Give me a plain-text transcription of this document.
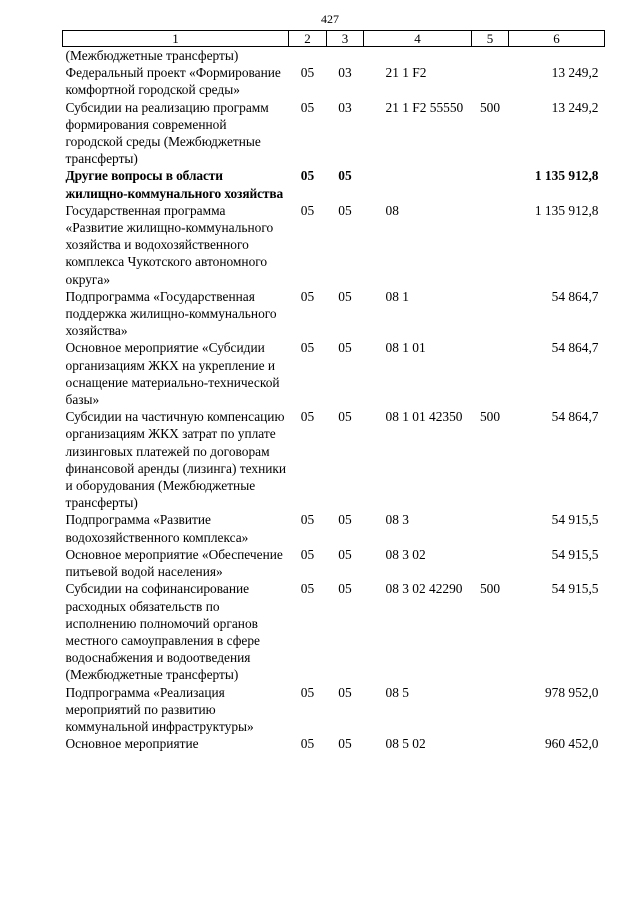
427
1	2	3	4	5	6
(Межбюджетные трансферты)					
Федеральный проект «Формирование комфортной городской среды»	05	03	21 1 F2		13 249,2
Субсидии на реализацию программ формирования современной городской среды (Межбюджетные трансферты)	05	03	21 1 F2 55550	500	13 249,2
Другие вопросы в области жилищно-коммунального хозяйства	05	05			1 135 912,8
Государственная программа «Развитие жилищно-коммунального хозяйства и водохозяйственного комплекса Чукотского автономного округа»	05	05	08		1 135 912,8
Подпрограмма «Государственная поддержка жилищно-коммунального хозяйства»	05	05	08 1		54 864,7
Основное мероприятие «Субсидии организациям ЖКХ на укрепление и оснащение материально-технической базы»	05	05	08 1 01		54 864,7
Субсидии на частичную компенсацию организациям ЖКХ затрат по уплате лизинговых платежей по договорам финансовой аренды (лизинга) техники и оборудования (Межбюджетные трансферты)	05	05	08 1 01 42350	500	54 864,7
Подпрограмма «Развитие водохозяйственного комплекса»	05	05	08 3		54 915,5
Основное мероприятие «Обеспечение питьевой водой населения»	05	05	08 3 02		54 915,5
Субсидии на софинансирование расходных обязательств по исполнению полномочий органов местного самоуправления в сфере водоснабжения и водоотведения (Межбюджетные трансферты)	05	05	08 3 02 42290	500	54 915,5
Подпрограмма «Реализация мероприятий по развитию коммунальной инфраструктуры»	05	05	08 5		978 952,0
Основное мероприятие	05	05	08 5 02		960 452,0
